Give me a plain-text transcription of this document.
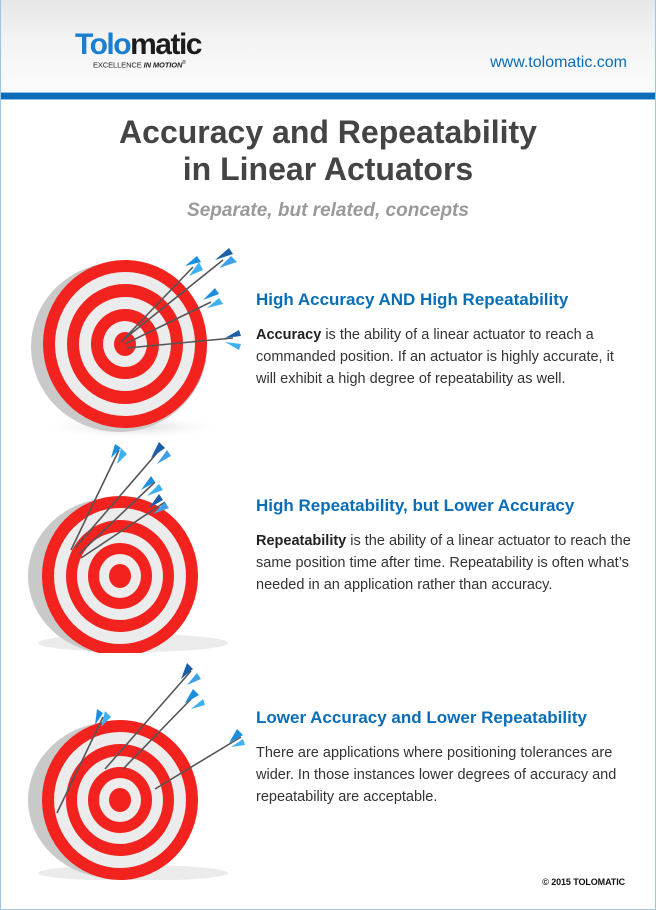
Tolomatic
EXCELLENCE IN MOTION®	www.tolomatic.com
Accuracy and Repeatability
in Linear Actuators
Separate, but related, concepts
High Accuracy AND High Repeatability

Accuracy is the ability of a linear actuator to reach a commanded position. If an actuator is highly accurate, it will exhibit a high degree of repeatability as well.

High Repeatability, but Lower Accuracy

Repeatability is the ability of a linear actuator to reach the same position time after time. Repeatability is often what’s needed in an application rather than accuracy.

Lower Accuracy and Lower Repeatability

There are applications where positioning tolerances are wider. In those instances lower degrees of accuracy and repeatability are acceptable.

© 2015 TOLOMATIC
